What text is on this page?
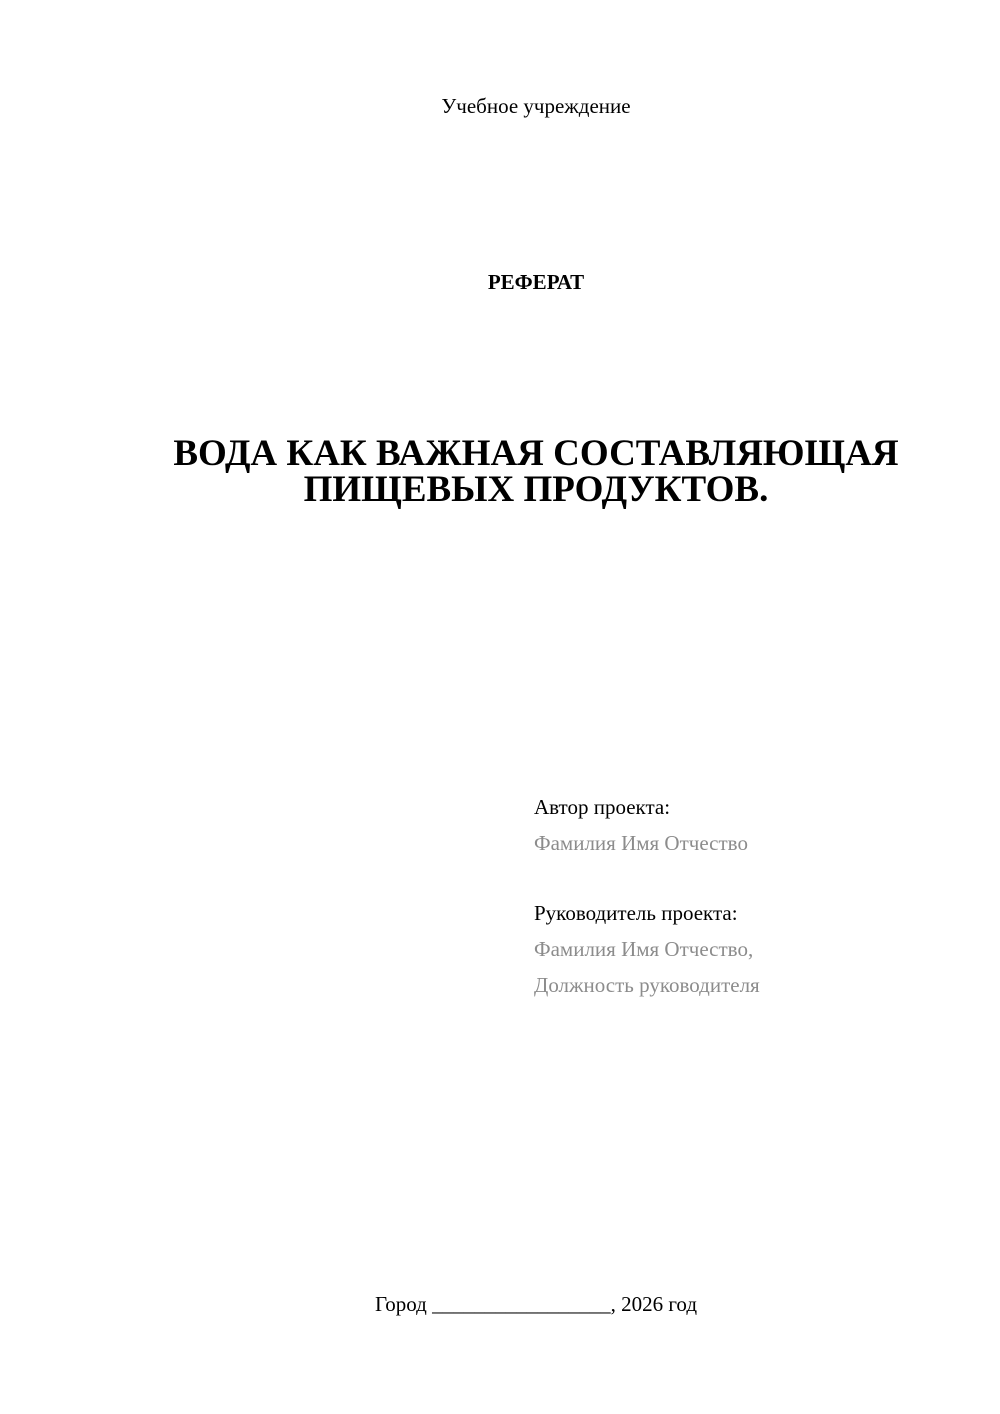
Учебное учреждение
РЕФЕРАТ
ВОДА КАК ВАЖНАЯ СОСТАВЛЯЮЩАЯ
ПИЩЕВЫХ ПРОДУКТОВ.
Автор проекта:
Фамилия Имя Отчество
Руководитель проекта:
Фамилия Имя Отчество,
Должность руководителя
Город _________________, 2026 год
